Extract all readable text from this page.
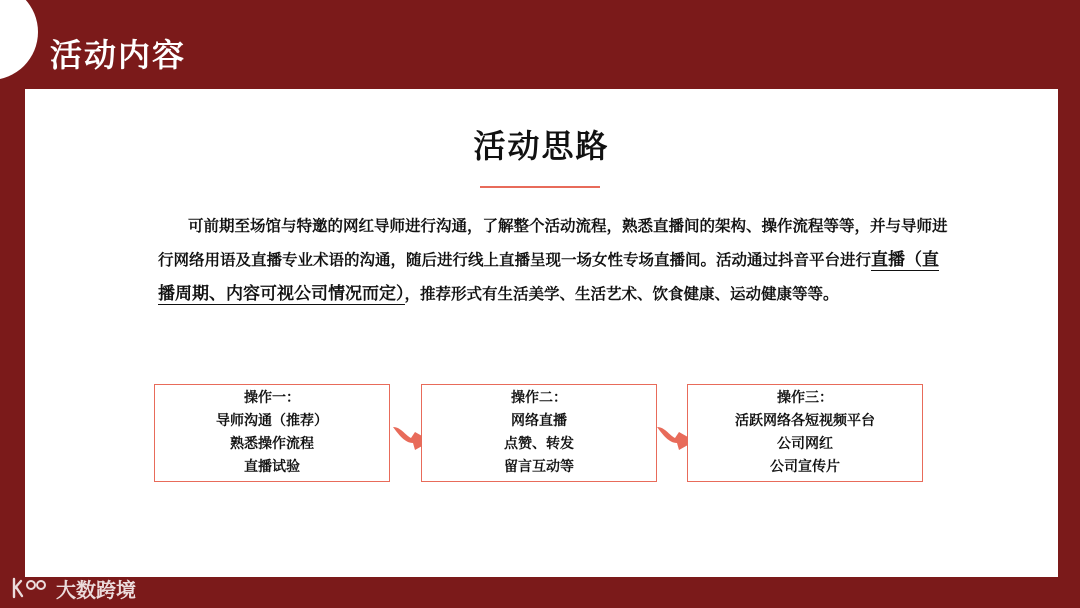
活动内容
活动思路
可前期至场馆与特邀的网红导师进行沟通，了解整个活动流程，熟悉直播间的架构、操作流程等等，并与导师进行网络用语及直播专业术语的沟通，随后进行线上直播呈现一场女性专场直播间。活动通过抖音平台进行直播（直播周期、内容可视公司情况而定），推荐形式有生活美学、生活艺术、饮食健康、运动健康等等。
操作一：
导师沟通（推荐）
熟悉操作流程
直播试验
操作二：
网络直播
点赞、转发
留言互动等
操作三：
活跃网络各短视频平台
公司网红
公司宣传片
大数跨境
